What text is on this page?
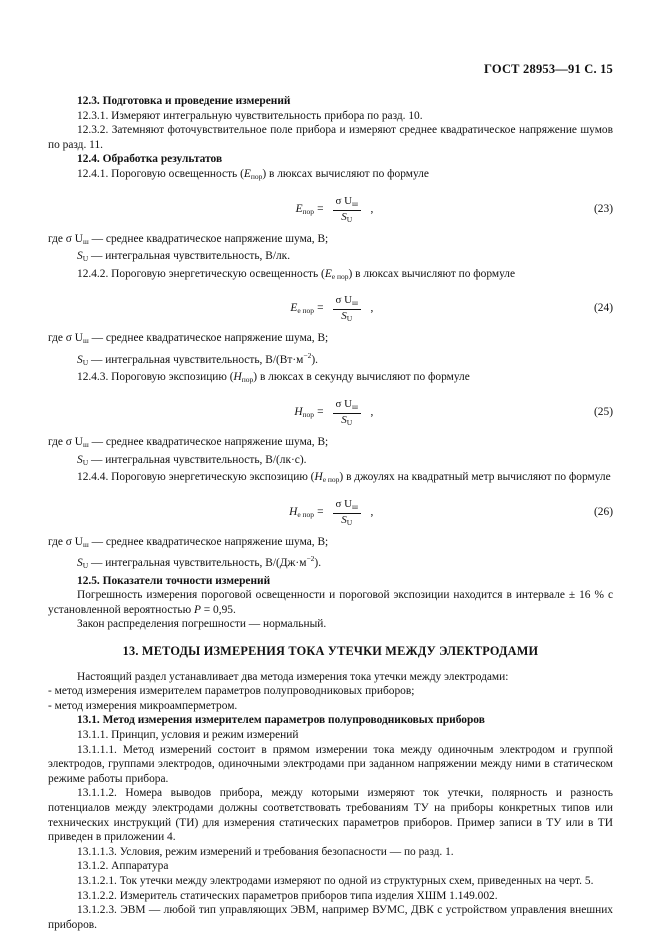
ГОСТ 28953—91 С. 15

12.3. Подготовка и проведение измерений

12.3.1. Измеряют интегральную чувствительность прибора по разд. 10.

12.3.2. Затемняют фоточувствительное поле прибора и измеряют среднее квадратическое напряжение шумов по разд. 11.

12.4. Обработка результатов

12.4.1. Пороговую освещенность $(E_{пор})$ в люксах вычисляют по формуле

$E_{пор}$ =
σ $U_ш$
$S_U$
,	(23)

где σ $U_ш$ — среднее квадратическое напряжение шума, В;

$S_U$ — интегральная чувствительность, В/лк.

12.4.2. Пороговую энергетическую освещенность $(E_{е пор})$ в люксах вычисляют по формуле

$E_{е пор}$ =
σ $U_ш$
$S_U$
,	(24)

где σ $U_ш$ — среднее квадратическое напряжение шума, В;

$S_U$ — интегральная чувствительность, $В/(Вт\cdot м^{-2})$.

12.4.3. Пороговую экспозицию $(H_{пор})$ в люксах в секунду вычисляют по формуле

$H_{пор}$ =
σ $U_ш$
$S_U$
,	(25)

где σ $U_ш$ — среднее квадратическое напряжение шума, В;

$S_U$ — интегральная чувствительность, В/(лк·с).

12.4.4. Пороговую энергетическую экспозицию $(H_{е пор})$ в джоулях на квадратный метр вычисляют по формуле

$H_{е пор}$ =
σ $U_ш$
$S_U$
,	(26)

где σ $U_ш$ — среднее квадратическое напряжение шума, В;

$S_U$ — интегральная чувствительность, $В/(Дж\cdot м^{-2})$.

12.5. Показатели точности измерений

Погрешность измерения пороговой освещенности и пороговой экспозиции находится в интервале ± 16 % с установленной вероятностью P = 0,95.

Закон распределения погрешности — нормальный.

13. МЕТОДЫ ИЗМЕРЕНИЯ ТОКА УТЕЧКИ МЕЖДУ ЭЛЕКТРОДАМИ

Настоящий раздел устанавливает два метода измерения тока утечки между электродами:

- метод измерения измерителем параметров полупроводниковых приборов;

- метод измерения микроамперметром.

13.1. Метод измерения измерителем параметров полупроводниковых приборов

13.1.1. Принцип, условия и режим измерений

13.1.1.1. Метод измерений состоит в прямом измерении тока между одиночным электродом и группой электродов, группами электродов, одиночными электродами при заданном напряжении между ними в статическом режиме работы прибора.

13.1.1.2. Номера выводов прибора, между которыми измеряют ток утечки, полярность и разность потенциалов между электродами должны соответствовать требованиям ТУ на приборы конкретных типов или технических инструкций (ТИ) для измерения статических параметров приборов. Пример записи в ТУ или в ТИ приведен в приложении 4.

13.1.1.3. Условия, режим измерений и требования безопасности — по разд. 1.

13.1.2. Аппаратура

13.1.2.1. Ток утечки между электродами измеряют по одной из структурных схем, приведенных на черт. 5.

13.1.2.2. Измеритель статических параметров приборов типа изделия ХШМ 1.149.002.

13.1.2.3. ЭВМ — любой тип управляющих ЭВМ, например ВУМС, ДВК с устройством управления внешних приборов.
